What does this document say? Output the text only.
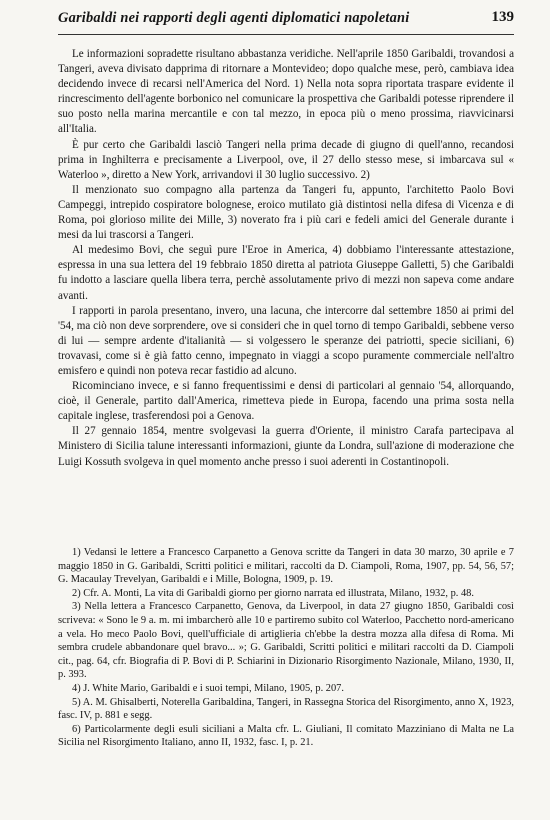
Garibaldi nei rapporti degli agenti diplomatici napoletani	139

Le informazioni sopradette risultano abbastanza veridiche. Nell'aprile 1850 Garibaldi, trovandosi a Tangeri, aveva divisato dapprima di ritornare a Montevideo; dopo qualche mese, però, cambiava idea decidendo invece di recarsi nell'America del Nord. 1) Nella nota sopra riportata traspare evidente il rincrescimento dell'agente borbonico nel comunicare la prospettiva che Garibaldi potesse riprendere il suo posto nella marina mercantile e con tal mezzo, in epoca più o meno prossima, riavvicinarsi all'Italia.

È pur certo che Garibaldi lasciò Tangeri nella prima decade di giugno di quell'anno, recandosi prima in Inghilterra e precisamente a Liverpool, ove, il 27 dello stesso mese, si imbarcava sul « Waterloo », diretto a New York, arrivandovi il 30 luglio successivo. 2)

Il menzionato suo compagno alla partenza da Tangeri fu, appunto, l'architetto Paolo Bovi Campeggi, intrepido cospiratore bolognese, eroico mutilato già distintosi nella difesa di Vicenza e di Roma, poi glorioso milite dei Mille, 3) noverato fra i più cari e fedeli amici del Generale durante i mesi da lui trascorsi a Tangeri.

Al medesimo Bovi, che seguì pure l'Eroe in America, 4) dobbiamo l'interessante attestazione, espressa in una sua lettera del 19 febbraio 1850 diretta al patriota Giuseppe Galletti, 5) che Garibaldi fu indotto a lasciare quella libera terra, perchè assolutamente privo di mezzi non sapeva come andare avanti.

I rapporti in parola presentano, invero, una lacuna, che intercorre dal settembre 1850 ai primi del '54, ma ciò non deve sorprendere, ove si consideri che in quel torno di tempo Garibaldi, sebbene verso di lui — sempre ardente d'italianità — si volgessero le speranze dei patriotti, specie siciliani, 6) trovavasi, come si è già fatto cenno, impegnato in viaggi a scopo puramente commerciale nell'altro emisfero e quindi non poteva recar fastidio ad alcuno.

Ricominciano invece, e si fanno frequentissimi e densi di particolari al gennaio '54, allorquando, cioè, il Generale, partito dall'America, rimetteva piede in Europa, facendo una prima sosta nella capitale inglese, trasferendosi poi a Genova.

Il 27 gennaio 1854, mentre svolgevasi la guerra d'Oriente, il ministro Carafa partecipava al Ministero di Sicilia talune interessanti informazioni, giunte da Londra, sull'azione di moderazione che Luigi Kossuth svolgeva in quel momento anche presso i suoi aderenti in Costantinopoli.

1) Vedansi le lettere a Francesco Carpanetto a Genova scritte da Tangeri in data 30 marzo, 30 aprile e 7 maggio 1850 in G. Garibaldi, Scritti politici e militari, raccolti da D. Ciampoli, Roma, 1907, pp. 54, 56, 57; G. Macaulay Trevelyan, Garibaldi e i Mille, Bologna, 1909, p. 19.

2) Cfr. A. Monti, La vita di Garibaldi giorno per giorno narrata ed illustrata, Milano, 1932, p. 48.

3) Nella lettera a Francesco Carpanetto, Genova, da Liverpool, in data 27 giugno 1850, Garibaldi così scriveva: « Sono le 9 a. m. mi imbarcherò alle 10 e partiremo subito col Waterloo, Pacchetto nord-americano a vela. Ho meco Paolo Bovi, quell'ufficiale di artiglieria ch'ebbe la destra mozza alla difesa di Roma. Mi sembra crudele abbandonare quel bravo... »; G. Garibaldi, Scritti politici e militari raccolti da D. Ciampoli cit., pag. 64, cfr. Biografia di P. Bovi di P. Schiarini in Dizionario Risorgimento Nazionale, Milano, 1930, II, p. 393.

4) J. White Mario, Garibaldi e i suoi tempi, Milano, 1905, p. 207.

5) A. M. Ghisalberti, Noterella Garibaldina, Tangeri, in Rassegna Storica del Risorgimento, anno X, 1923, fasc. IV, p. 881 e segg.

6) Particolarmente degli esuli siciliani a Malta cfr. L. Giuliani, Il comitato Mazziniano di Malta ne La Sicilia nel Risorgimento Italiano, anno II, 1932, fasc. I, p. 21.
